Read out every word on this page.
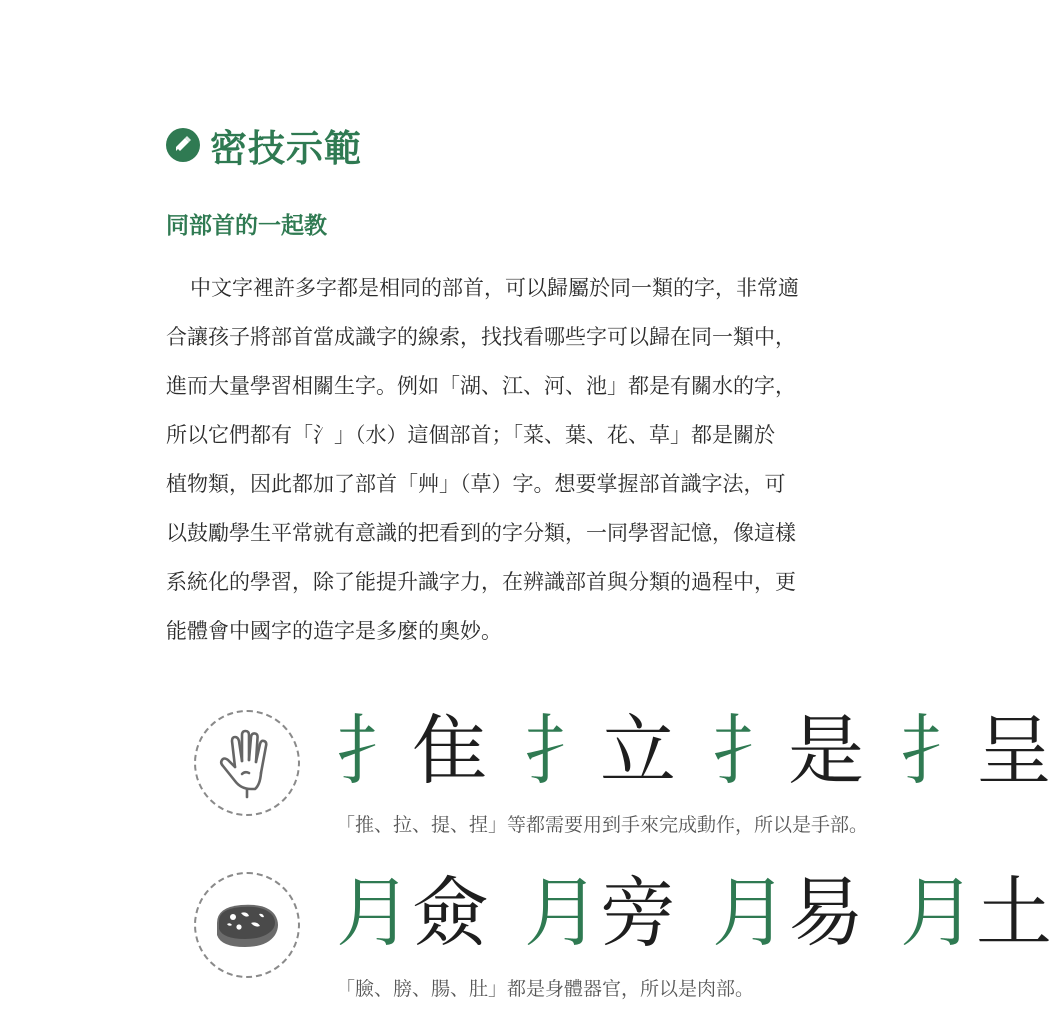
密技示範
同部首的一起教
中文字裡許多字都是相同的部首，可以歸屬於同一類的字，非常適
合讓孩子將部首當成識字的線索，找找看哪些字可以歸在同一類中，
進而大量學習相關生字。例如「湖、江、河、池」都是有關水的字，
所以它們都有「氵」（水）這個部首；「菜、葉、花、草」都是關於
植物類，因此都加了部首「艸」（草）字。想要掌握部首識字法，可
以鼓勵學生平常就有意識的把看到的字分類，一同學習記憶，像這樣
系統化的學習，除了能提升識字力，在辨識部首與分類的過程中，更
能體會中國字的造字是多麼的奧妙。
扌 隹 扌 立 扌 是 扌 呈
「推、拉、提、捏」等都需要用到手來完成動作，所以是手部。
月 僉 月 旁 月 易 月 土
「臉、膀、腸、肚」都是身體器官，所以是肉部。
